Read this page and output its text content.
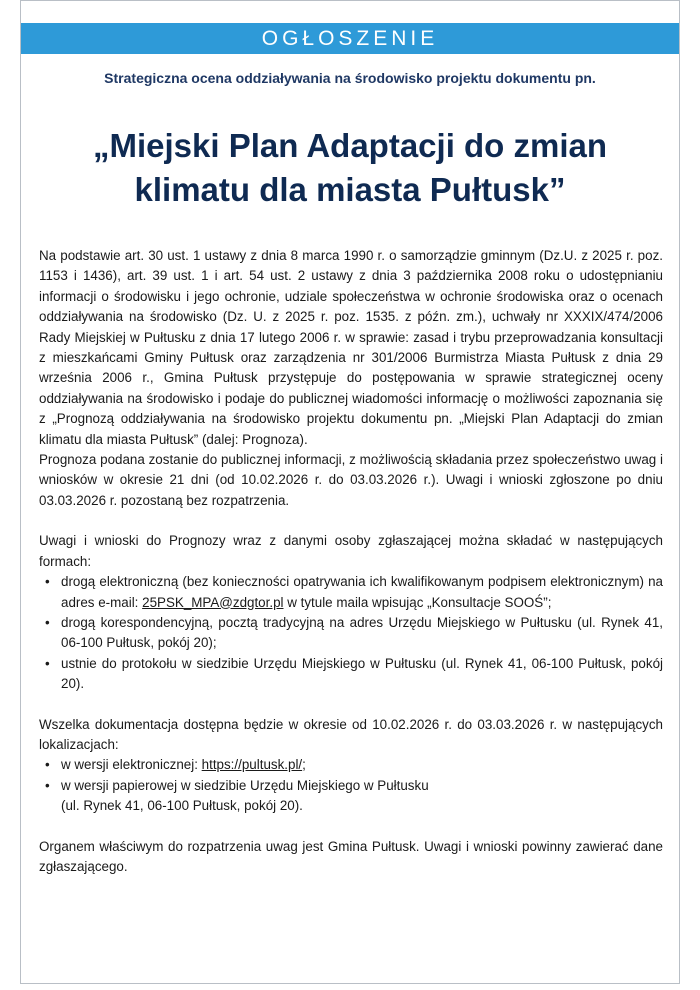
OGŁOSZENIE
Strategiczna ocena oddziaływania na środowisko projektu dokumentu pn.
„Miejski Plan Adaptacji do zmian
klimatu dla miasta Pułtusk”

Na podstawie art. 30 ust. 1 ustawy z dnia 8 marca 1990 r. o samorządzie gminnym (Dz.U. z 2025 r. poz. 1153 i 1436), art. 39 ust. 1 i art. 54 ust. 2 ustawy z dnia 3 października 2008 roku o udostępnianiu informacji o środowisku i jego ochronie, udziale społeczeństwa w ochronie środowiska oraz o ocenach oddziaływania na środowisko (Dz. U. z 2025 r. poz. 1535. z późn. zm.), uchwały nr XXXIX/474/2006 Rady Miejskiej w Pułtusku z dnia 17 lutego 2006 r. w sprawie: zasad i trybu przeprowadzania konsultacji z mieszkańcami Gminy Pułtusk oraz zarządzenia nr 301/2006 Burmistrza Miasta Pułtusk z dnia 29 września 2006 r., Gmina Pułtusk przystępuje do postępowania w sprawie strategicznej oceny oddziaływania na środowisko i podaje do publicznej wiadomości informację o możliwości zapoznania się z „Prognozą oddziaływania na środowisko projektu dokumentu pn. „Miejski Plan Adaptacji do zmian klimatu dla miasta Pułtusk” (dalej: Prognoza).

Prognoza podana zostanie do publicznej informacji, z możliwością składania przez społeczeństwo uwag i wniosków w okresie 21 dni (od 10.02.2026 r. do 03.03.2026 r.). Uwagi i wnioski zgłoszone po dniu 03.03.2026 r. pozostaną bez rozpatrzenia.

Uwagi i wnioski do Prognozy wraz z danymi osoby zgłaszającej można składać w następujących formach:

• drogą elektroniczną (bez konieczności opatrywania ich kwalifikowanym podpisem elektronicznym) na adres e-mail: 25PSK_MPA@zdgtor.pl w tytule maila wpisując „Konsultacje SOOŚ”;
• drogą korespondencyjną, pocztą tradycyjną na adres Urzędu Miejskiego w Pułtusku (ul. Rynek 41, 06-100 Pułtusk, pokój 20);
• ustnie do protokołu w siedzibie Urzędu Miejskiego w Pułtusku (ul. Rynek 41, 06-100 Pułtusk, pokój 20).

Wszelka dokumentacja dostępna będzie w okresie od 10.02.2026 r. do 03.03.2026 r. w następujących lokalizacjach:

• w wersji elektronicznej: https://pultusk.pl/;
• w wersji papierowej w siedzibie Urzędu Miejskiego w Pułtusku
(ul. Rynek 41, 06-100 Pułtusk, pokój 20).

Organem właściwym do rozpatrzenia uwag jest Gmina Pułtusk. Uwagi i wnioski powinny zawierać dane zgłaszającego.
